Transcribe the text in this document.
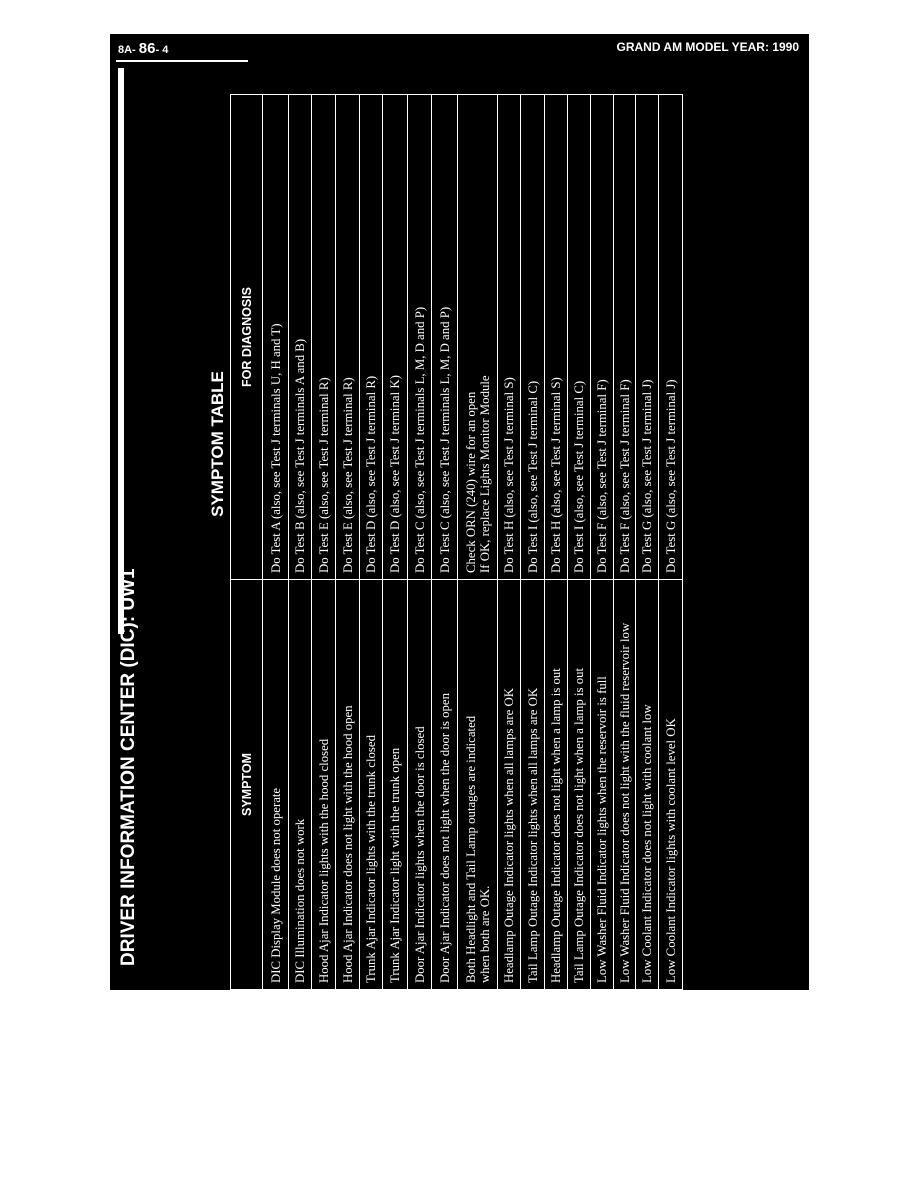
90-8-16 (Page 14 of 20)
8A- 86- 4	GRAND AM MODEL YEAR: 1990
DRIVER INFORMATION CENTER (DIC): UW1
SYMPTOM TABLE
SYMPTOM
FOR DIAGNOSIS
DIC Display Module does not operate
Do Test A (also, see Test J terminals U, H and T)
DIC Illumination does not work
Do Test B (also, see Test J terminals A and B)
Hood Ajar Indicator lights with the hood closed
Do Test E (also, see Test J terminal R)
Hood Ajar Indicator does not light with the hood open
Do Test E (also, see Test J terminal R)
Trunk Ajar Indicator lights with the trunk closed
Do Test D (also, see Test J terminal R)
Trunk Ajar Indicator light with the trunk open
Do Test D (also, see Test J terminal K)
Door Ajar Indicator lights when the door is closed
Do Test C (also, see Test J terminals L, M, D and P)
Door Ajar Indicator does not light when the door is open
Do Test C (also, see Test J terminals L, M, D and P)
Both Headlight and Tail Lamp outages are indicated when both are OK.
Check ORN (240) wire for an open If OK, replace Lights Monitor Module
Headlamp Outage Indicator lights when all lamps are OK
Do Test H (also, see Test J terminal S)
Tail Lamp Outage Indicator lights when all lamps are OK
Do Test I (also, see Test J terminal C)
Headlamp Outage Indicator does not light when a lamp is out
Do Test H (also, see Test J terminal S)
Tail Lamp Outage Indicator does not light when a lamp is out
Do Test I (also, see Test J terminal C)
Low Washer Fluid Indicator lights when the reservoir is full
Do Test F (also, see Test J terminal F)
Low Washer Fluid Indicator does not light with the fluid reservoir low
Do Test F (also, see Test J terminal F)
Low Coolant Indicator does not light with coolant low
Do Test G (also, see Test J terminal J)
Low Coolant Indicator lights with coolant level OK
Do Test G (also, see Test J terminal J)
